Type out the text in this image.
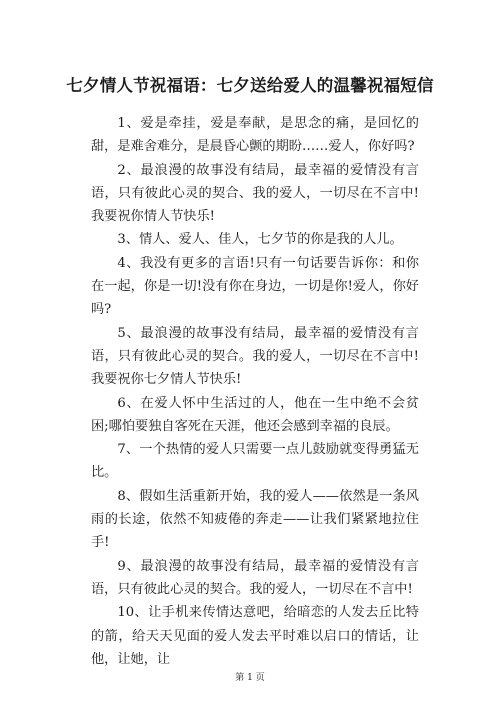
七夕情人节祝福语：七夕送给爱人的温馨祝福短信

1、爱是牵挂，爱是奉献，是思念的痛，是回忆的甜，是难舍难分，是晨昏心颤的期盼……爱人，你好吗?

2、最浪漫的故事没有结局，最幸福的爱情没有言语，只有彼此心灵的契合、我的爱人，一切尽在不言中!我要祝你情人节快乐!

3、情人、爱人、佳人，七夕节的你是我的人儿。

4、我没有更多的言语!只有一句话要告诉你：和你在一起，你是一切!没有你在身边，一切是你!爱人，你好吗?

5、最浪漫的故事没有结局，最幸福的爱情没有言语，只有彼此心灵的契合。我的爱人，一切尽在不言中!我要祝你七夕情人节快乐!

6、在爱人怀中生活过的人，他在一生中绝不会贫困;哪怕要独自客死在天涯，他还会感到幸福的良辰。

7、一个热情的爱人只需要一点儿鼓励就变得勇猛无比。

8、假如生活重新开始，我的爱人——依然是一条风雨的长途，依然不知疲倦的奔走——让我们紧紧地拉住手!

9、最浪漫的故事没有结局，最幸福的爱情没有言语，只有彼此心灵的契合。我的爱人，一切尽在不言中!

10、让手机来传情达意吧，给暗恋的人发去丘比特的箭，给天天见面的爱人发去平时难以启口的情话，让他，让她，让

第 1 页
